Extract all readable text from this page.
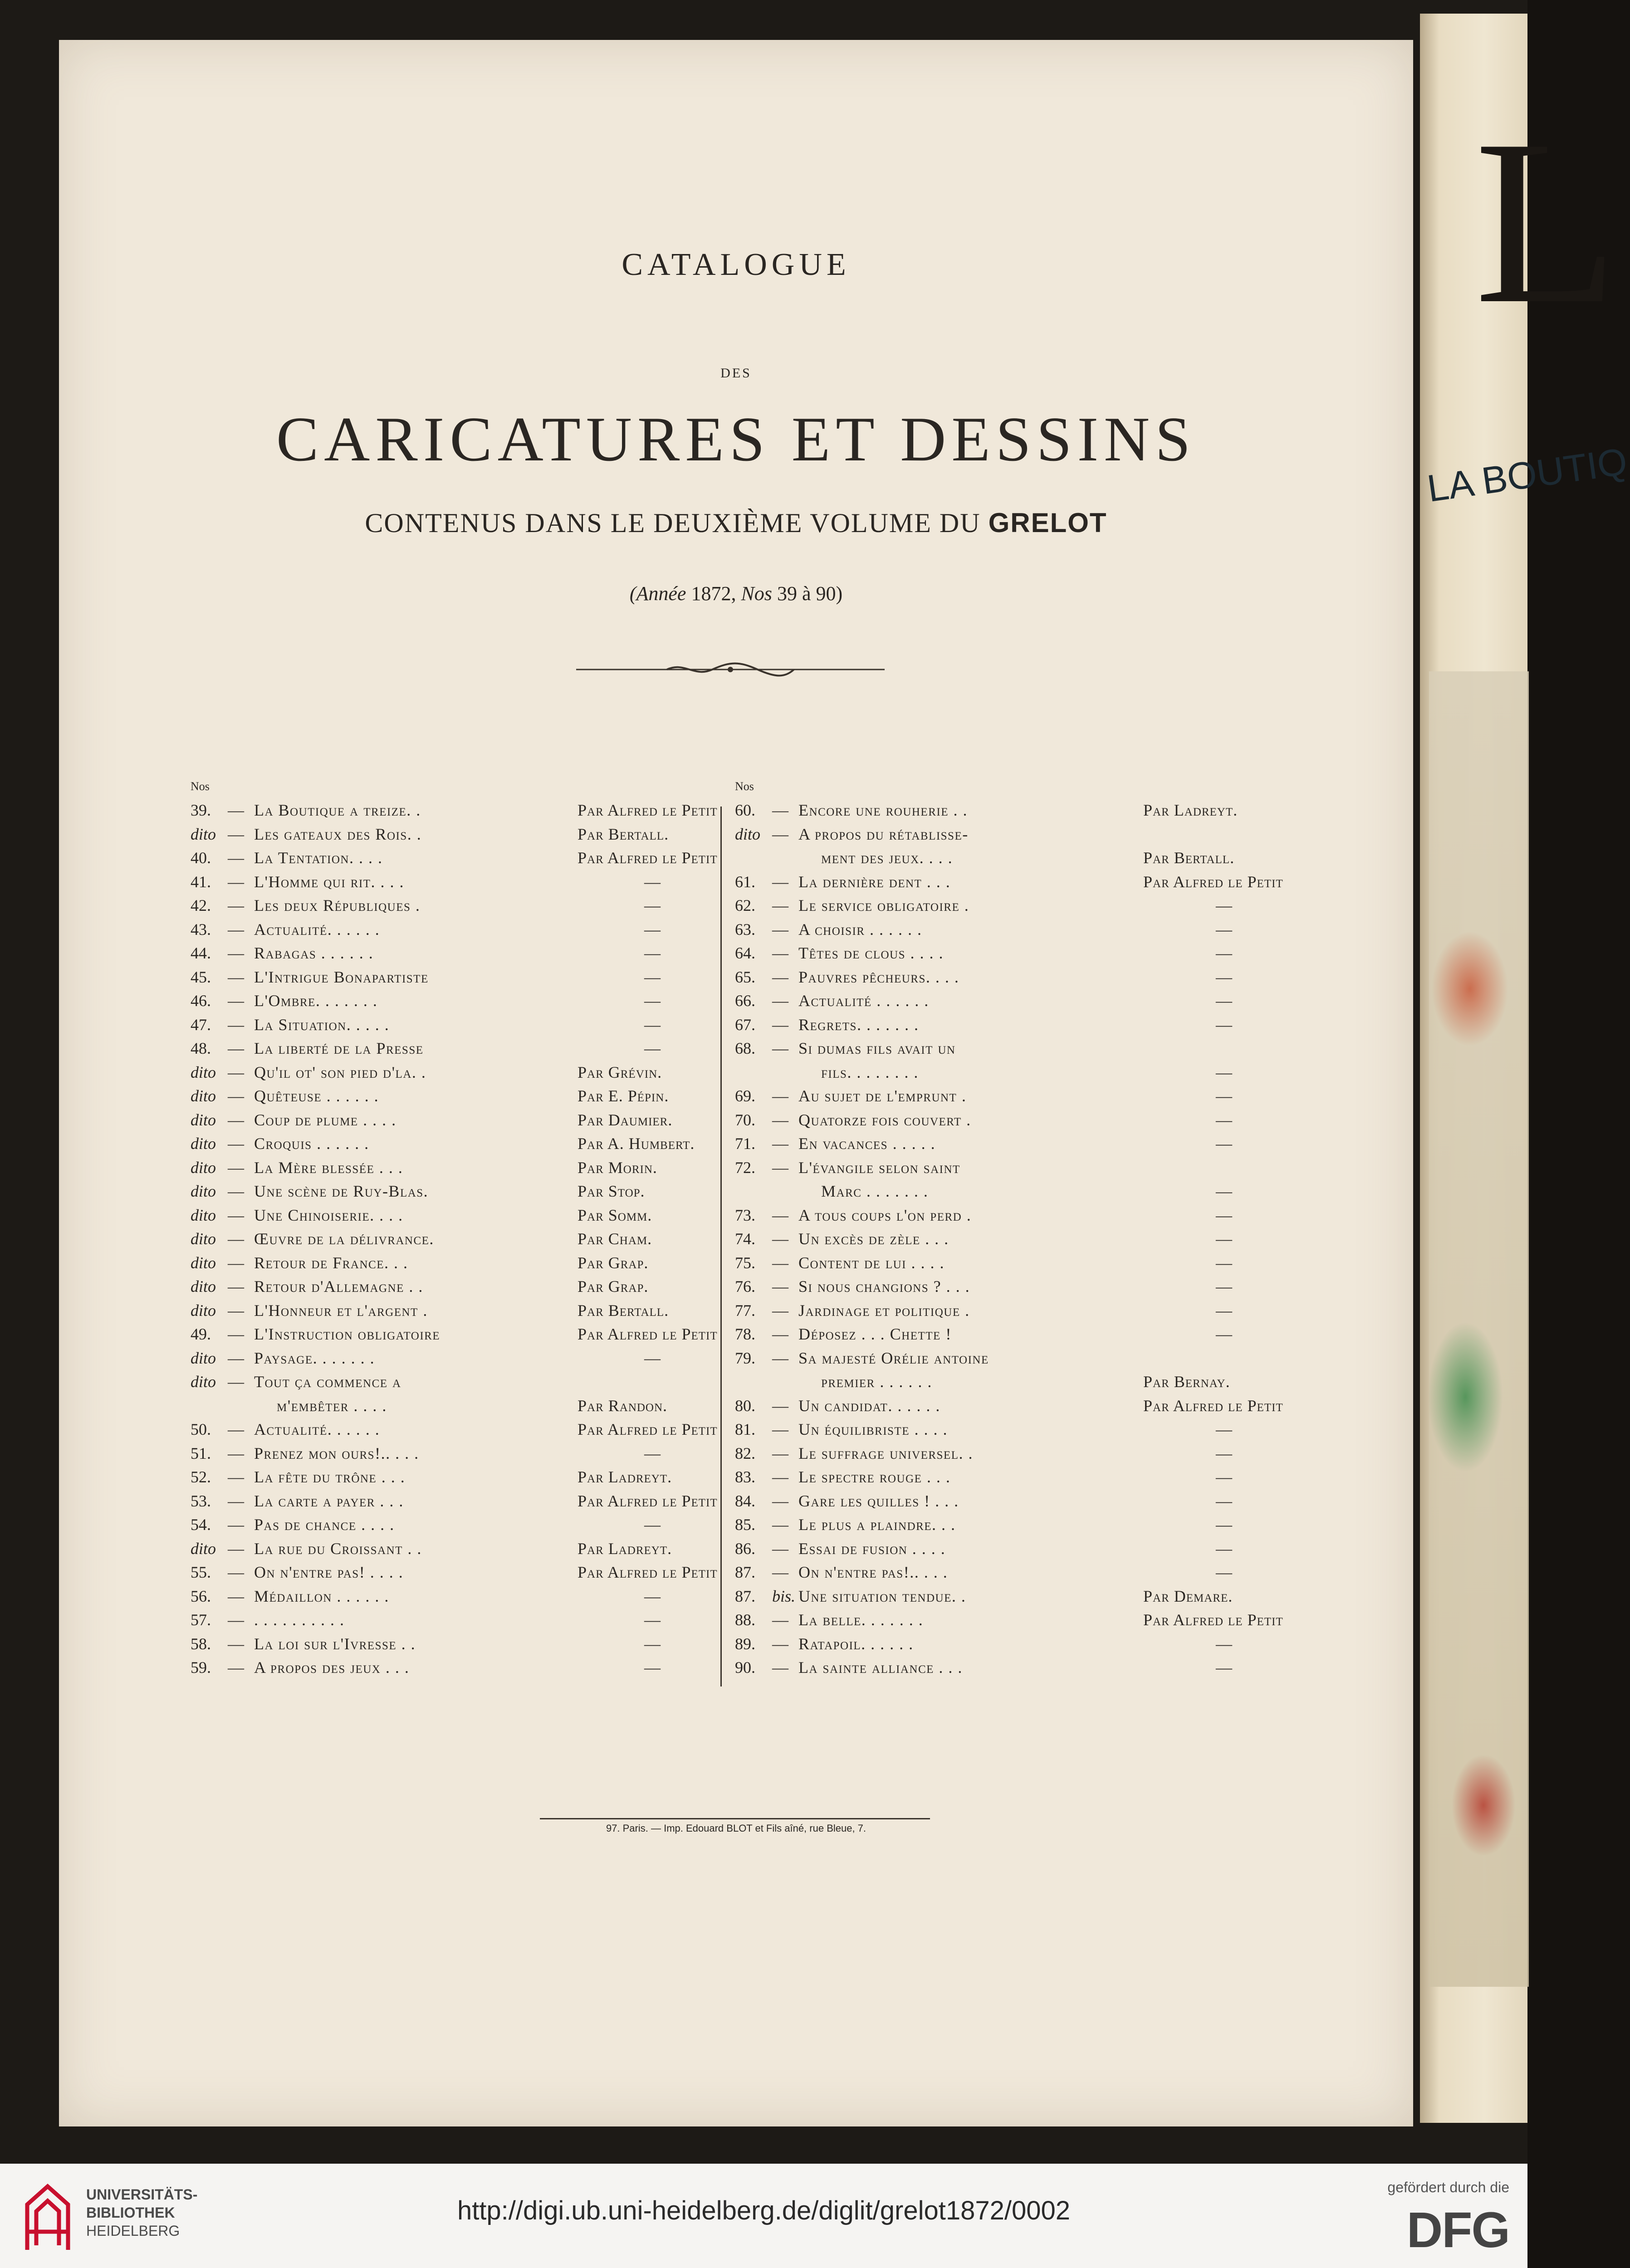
L
LA BOUTIQ
CATALOGUE
DES
CARICATURES ET DESSINS
CONTENUS DANS LE DEUXIÈME VOLUME DU GRELOT
(Année 1872, Nos 39 à 90)
Nos
39. — La Boutique a treize. .	Par Alfred le Petit
dito — Les gateaux des Rois. .	Par Bertall.
40. — La Tentation. . . .	Par Alfred le Petit
41. — L'Homme qui rit. . . .	—
42. — Les deux Républiques .	—
43. — Actualité. . . . . .	—
44. — Rabagas . . . . . .	—
45. — L'Intrigue Bonapartiste	—
46. — L'Ombre. . . . . . .	—
47. — La Situation. . . . .	—
48. — La liberté de la Presse	—
dito — Qu'il ot' son pied d'la. .	Par Grévin.
dito — Quêteuse . . . . . .	Par E. Pépin.
dito — Coup de plume . . . .	Par Daumier.
dito — Croquis . . . . . .	Par A. Humbert.
dito — La Mère blessée . . .	Par Morin.
dito — Une scène de Ruy-Blas.	Par Stop.
dito — Une Chinoiserie. . . .	Par Somm.
dito — Œuvre de la délivrance.	Par Cham.
dito — Retour de France. . .	Par Grap.
dito — Retour d'Allemagne . .	Par Grap.
dito — L'Honneur et l'argent .	Par Bertall.
49. — L'Instruction obligatoire	Par Alfred le Petit
dito — Paysage. . . . . . .	—
dito — Tout ça commence a
m'embêter . . . .	Par Randon.
50. — Actualité. . . . . .	Par Alfred le Petit
51. — Prenez mon ours!.. . . .	—
52. — La fête du trône . . .	Par Ladreyt.
53. — La carte a payer . . .	Par Alfred le Petit
54. — Pas de chance . . . .	—
dito — La rue du Croissant . .	Par Ladreyt.
55. — On n'entre pas! . . . .	Par Alfred le Petit
56. — Médaillon . . . . . .	—
57. — . . . . . . . . . .	—
58. — La loi sur l'Ivresse . .	—
59. — A propos des jeux . . .	—
Nos
60. — Encore une rouherie . .	Par Ladreyt.
dito — A propos du rétablisse-
ment des jeux. . . .	Par Bertall.
61. — La dernière dent . . .	Par Alfred le Petit
62. — Le service obligatoire .	—
63. — A choisir . . . . . .	—
64. — Têtes de clous . . . .	—
65. — Pauvres pêcheurs. . . .	—
66. — Actualité . . . . . .	—
67. — Regrets. . . . . . .	—
68. — Si dumas fils avait un
fils. . . . . . . .	—
69. — Au sujet de l'emprunt .	—
70. — Quatorze fois couvert .	—
71. — En vacances . . . . .	—
72. — L'évangile selon saint
Marc . . . . . . .	—
73. — A tous coups l'on perd .	—
74. — Un excès de zèle . . .	—
75. — Content de lui . . . .	—
76. — Si nous changions ? . . .	—
77. — Jardinage et politique .	—
78. — Déposez . . . Chette !	—
79. — Sa majesté Orélie antoine
premier . . . . . .	Par Bernay.
80. — Un candidat. . . . . .	Par Alfred le Petit
81. — Un équilibriste . . . .	—
82. — Le suffrage universel. .	—
83. — Le spectre rouge . . .	—
84. — Gare les quilles ! . . .	—
85. — Le plus a plaindre. . .	—
86. — Essai de fusion . . . .	—
87. — On n'entre pas!.. . . .	—
87. bis. Une situation tendue. .	Par Demare.
88. — La belle. . . . . . .	Par Alfred le Petit
89. — Ratapoil. . . . . .	—
90. — La sainte alliance . . .	—
97. Paris. — Imp. Edouard BLOT et Fils aîné, rue Bleue, 7.
UNIVERSITÄTS-
BIBLIOTHEK
HEIDELBERG
http://digi.ub.uni-heidelberg.de/diglit/grelot1872/0002
gefördert durch die
DFG
